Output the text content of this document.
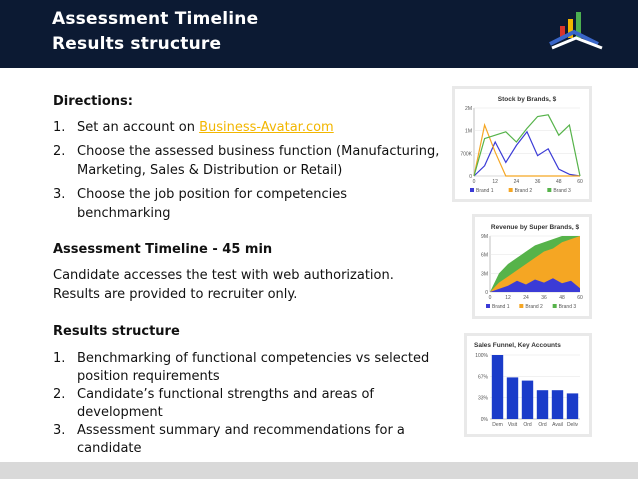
Assessment Timeline
Results structure
Directions:
1. Set an account on Business-Avatar.com
2. Choose the assessed business function (Manufacturing, Marketing, Sales & Distribution or Retail)
3. Choose the job position for competencies benchmarking
Assessment Timeline - 45 min
Candidate accesses the test with web authorization.
Results are provided to recruiter only.
Results structure
1. Benchmarking of functional competencies vs selected position requirements
2. Candidate’s functional strengths and areas of development
3. Assessment summary and recommendations for a candidate
Stock by Brands, $
0
700K
1M
2M
0	12	24	36	48	60
Brand 1	Brand 2	Brand 3
Revenue by Super Brands, $
0
3M
6M
9M
0	12 24 36 48 60
Brand 1	Brand 2	Brand 3
Sales Funnel, Key Accounts
0%
33%
67%
100%
Dem Visit Ord Ord Avail Deliv
